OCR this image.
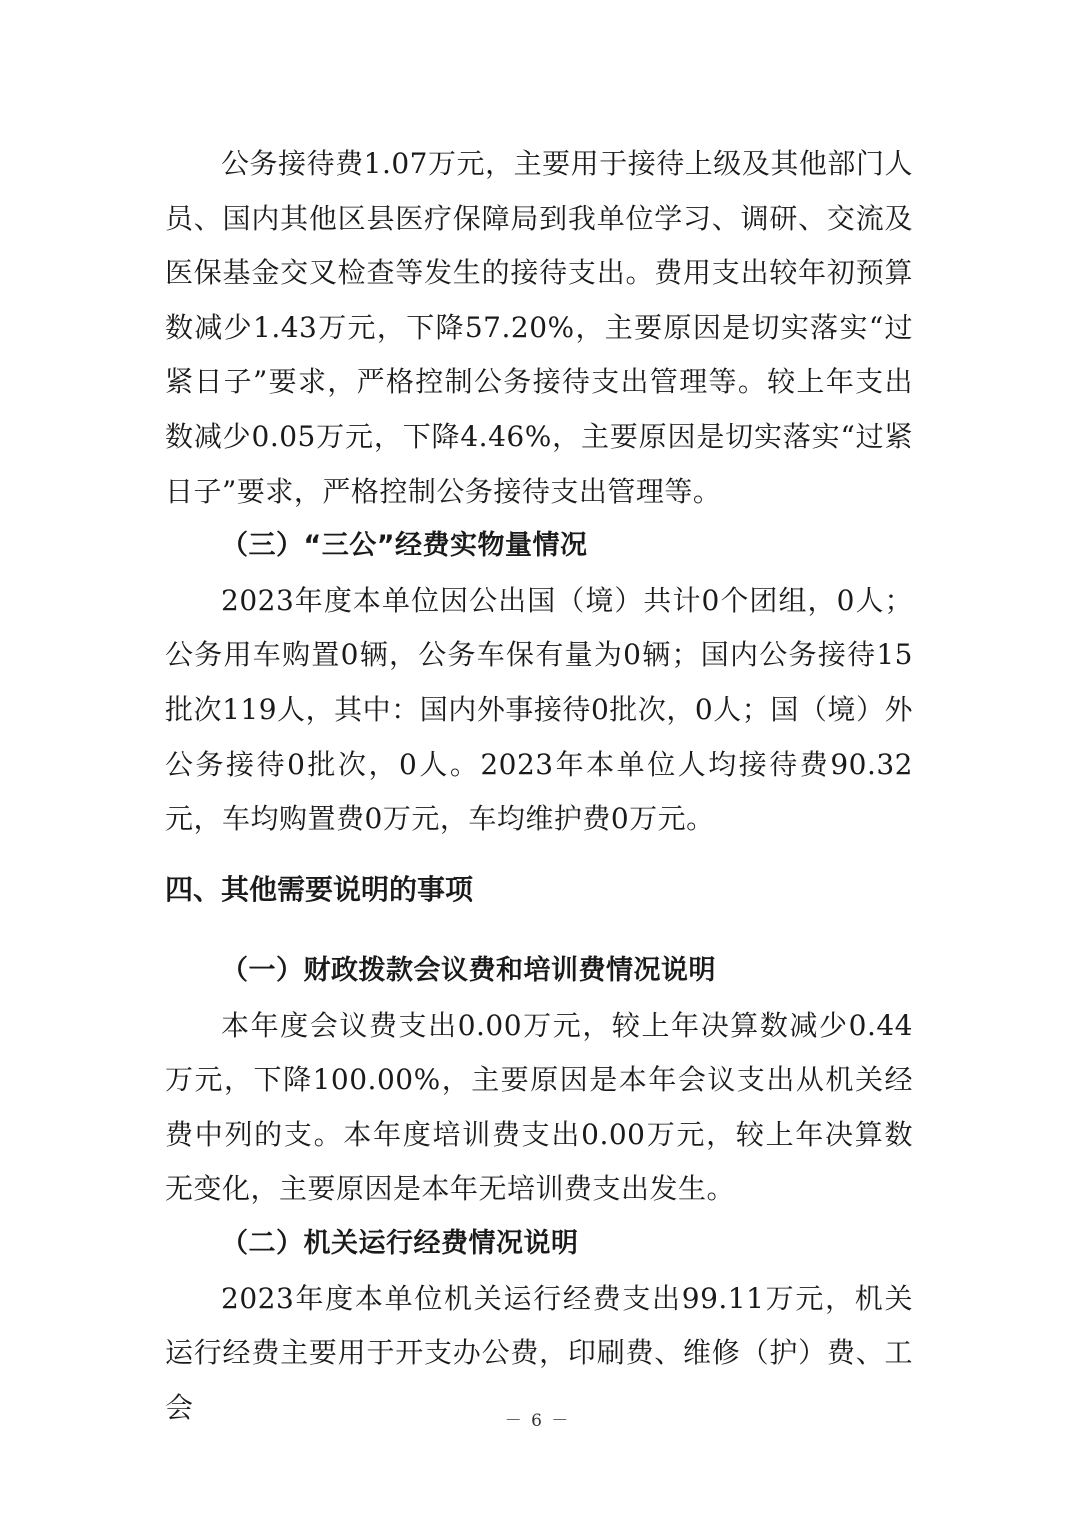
公务接待费1.07万元，主要用于接待上级及其他部门人员、国内其他区县医疗保障局到我单位学习、调研、交流及医保基金交叉检查等发生的接待支出。费用支出较年初预算数减少1.43万元，下降57.20%，主要原因是切实落实“过紧日子”要求，严格控制公务接待支出管理等。较上年支出数减少0.05万元，下降4.46%，主要原因是切实落实“过紧日子”要求，严格控制公务接待支出管理等。

（三）“三公”经费实物量情况

2023年度本单位因公出国（境）共计0个团组，0人；公务用车购置0辆，公务车保有量为0辆；国内公务接待15批次119人，其中：国内外事接待0批次，0人；国（境）外公务接待0批次，0人。2023年本单位人均接待费90.32元，车均购置费0万元，车均维护费0万元。

四、其他需要说明的事项

（一）财政拨款会议费和培训费情况说明

本年度会议费支出0.00万元，较上年决算数减少0.44万元，下降100.00%，主要原因是本年会议支出从机关经费中列的支。本年度培训费支出0.00万元，较上年决算数无变化，主要原因是本年无培训费支出发生。

（二）机关运行经费情况说明

2023年度本单位机关运行经费支出99.11万元，机关运行经费主要用于开支办公费，印刷费、维修（护）费、工会	－ 6 －
